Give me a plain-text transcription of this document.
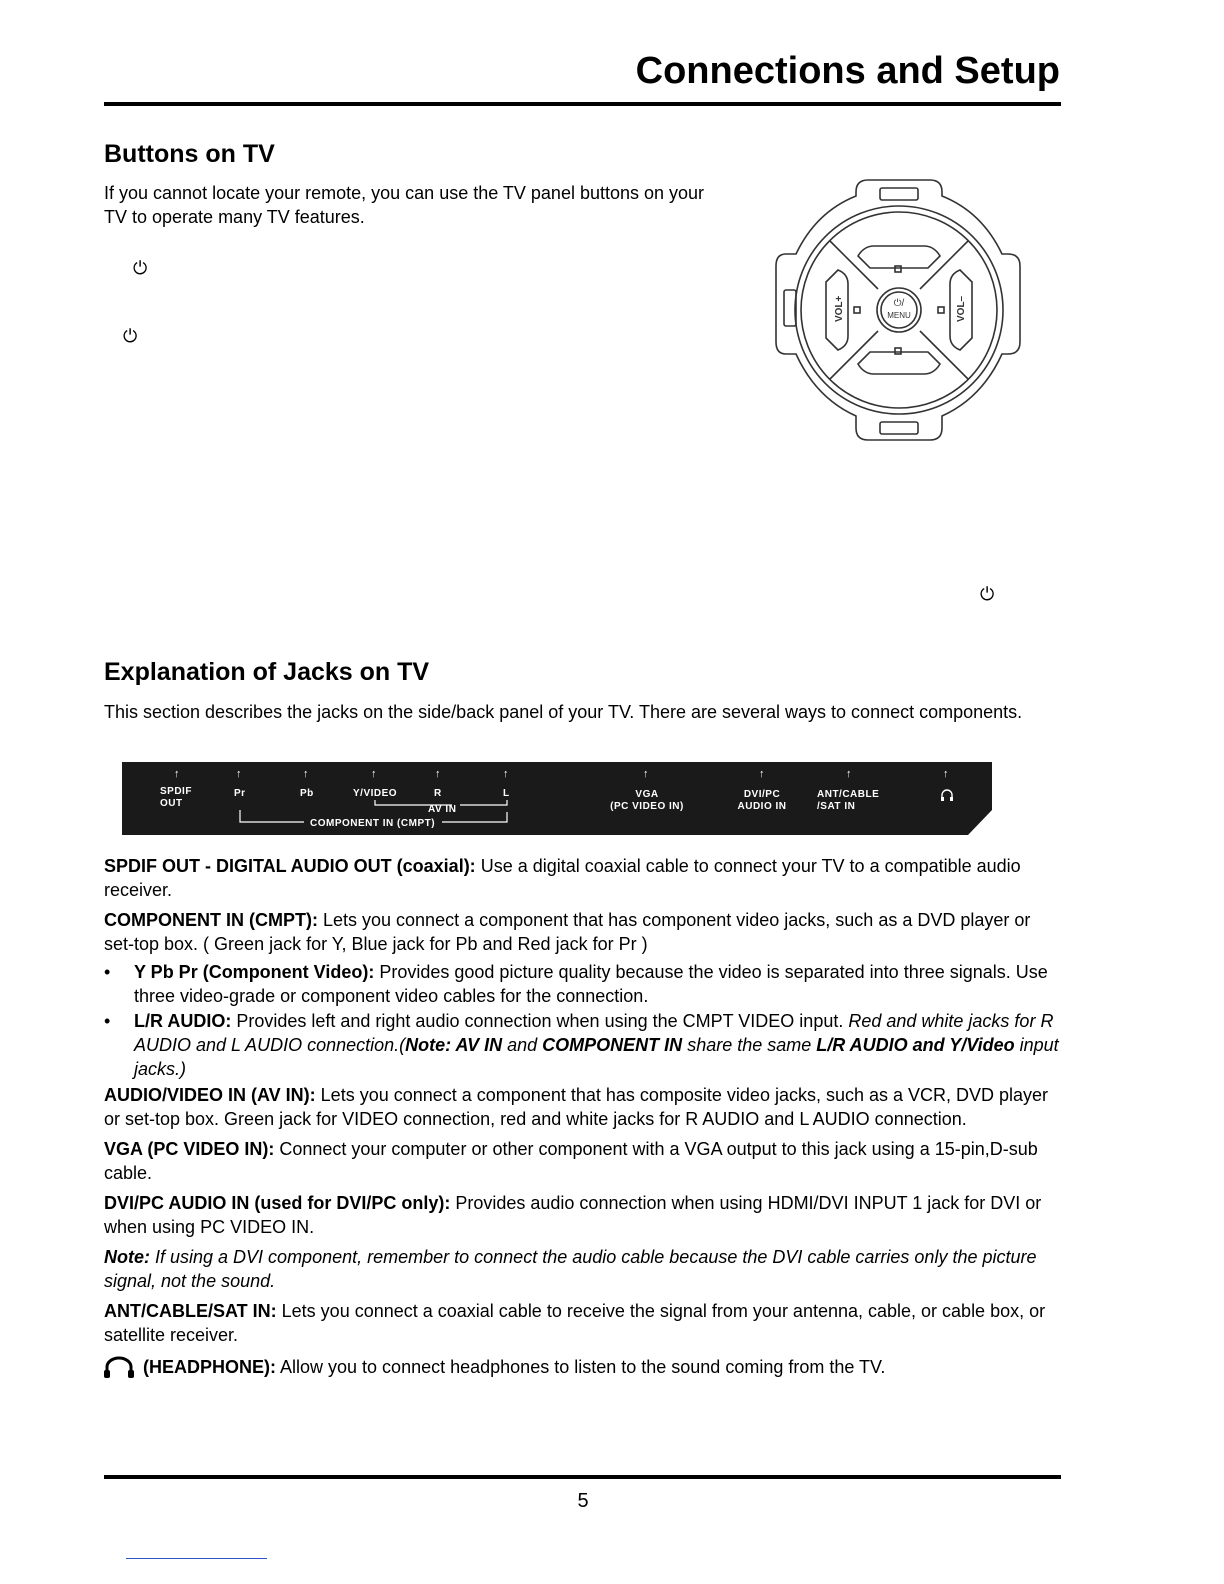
Connections and Setup
Buttons on TV
If you cannot locate your remote, you can use the TV panel buttons on your
TV to operate many TV features.
⏻
⏻
⏻
⏻/
MENU
VOL+	VOL–
Explanation of Jacks on TV
This section describes the jacks on the side/back panel of your TV. There are several ways to connect components.
↑	↑	↑	↑	↑	↑	↑	↑	↑	↑
SPDIF
OUT
Pr	Pb	Y/VIDEO	R	L
AV IN
COMPONENT IN (CMPT)
VGA
(PC VIDEO IN)
DVI/PC
AUDIO IN
ANT/CABLE
/SAT IN

SPDIF OUT - DIGITAL AUDIO OUT (coaxial): Use a digital coaxial cable to connect your TV to a compatible audio receiver.

COMPONENT IN (CMPT): Lets you connect a component that has component video jacks, such as a DVD player or set-top box. ( Green jack for Y, Blue jack for Pb and Red jack for Pr )

•	Y Pb Pr (Component Video): Provides good picture quality because the video is separated into three signals. Use three video-grade or component video cables for the connection.
•	L/R AUDIO: Provides left and right audio connection when using the CMPT VIDEO input. Red and white jacks for R AUDIO and L AUDIO connection.(Note: AV IN and COMPONENT IN share the same L/R AUDIO and Y/Video input jacks.)

AUDIO/VIDEO IN (AV IN): Lets you connect a component that has composite video jacks, such as a VCR, DVD player or set-top box. Green jack for VIDEO connection, red and white jacks for R AUDIO and L AUDIO connection.

VGA (PC VIDEO IN): Connect your computer or other component with a VGA output to this jack using a 15-pin,D-sub cable.

DVI/PC AUDIO IN (used for DVI/PC only): Provides audio connection when using HDMI/DVI INPUT 1 jack for DVI or when using PC VIDEO IN.

Note: If using a DVI component, remember to connect the audio cable because the DVI cable carries only the picture signal, not the sound.

ANT/CABLE/SAT IN: Lets you connect a coaxial cable to receive the signal from your antenna, cable, or cable box, or satellite receiver.

(HEADPHONE): Allow you to connect headphones to listen to the sound coming from the TV.

5
